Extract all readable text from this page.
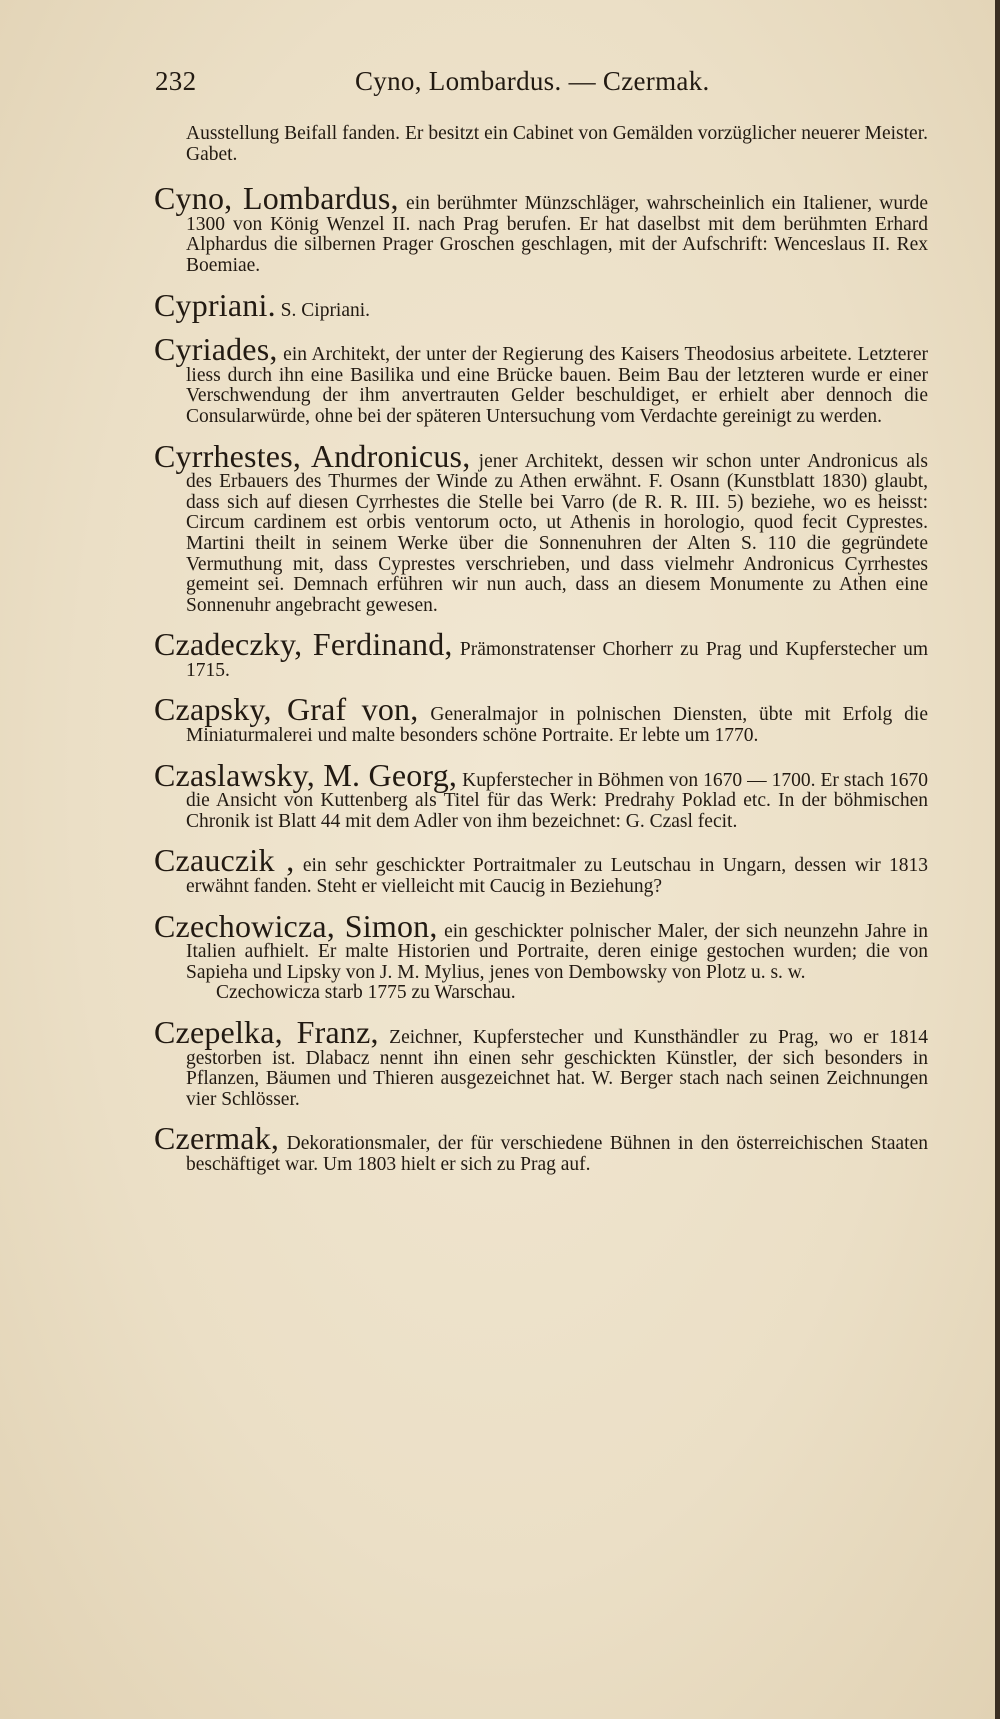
232	Cyno, Lombardus. — Czermak.

Ausstellung Beifall fanden. Er besitzt ein Cabinet von Gemälden vorzüglicher neuerer Meister. Gabet.

Cyno, Lombardus, ein berühmter Münzschläger, wahrscheinlich ein Italiener, wurde 1300 von König Wenzel II. nach Prag berufen. Er hat daselbst mit dem berühmten Erhard Alphardus die silbernen Prager Groschen geschlagen, mit der Aufschrift: Wenceslaus II. Rex Boemiae.

Cypriani. S. Cipriani.

Cyriades, ein Architekt, der unter der Regierung des Kaisers Theodosius arbeitete. Letzterer liess durch ihn eine Basilika und eine Brücke bauen. Beim Bau der letzteren wurde er einer Verschwendung der ihm anvertrauten Gelder beschuldiget, er erhielt aber dennoch die Consularwürde, ohne bei der späteren Untersuchung vom Verdachte gereinigt zu werden.

Cyrrhestes, Andronicus, jener Architekt, dessen wir schon unter Andronicus als des Erbauers des Thurmes der Winde zu Athen erwähnt. F. Osann (Kunstblatt 1830) glaubt, dass sich auf diesen Cyrrhestes die Stelle bei Varro (de R. R. III. 5) beziehe, wo es heisst: Circum cardinem est orbis ventorum octo, ut Athenis in horologio, quod fecit Cyprestes. Martini theilt in seinem Werke über die Sonnenuhren der Alten S. 110 die gegründete Vermuthung mit, dass Cyprestes verschrieben, und dass vielmehr Andronicus Cyrrhestes gemeint sei. Demnach erführen wir nun auch, dass an diesem Monumente zu Athen eine Sonnenuhr angebracht gewesen.

Czadeczky, Ferdinand, Prämonstratenser Chorherr zu Prag und Kupferstecher um 1715.

Czapsky, Graf von, Generalmajor in polnischen Diensten, übte mit Erfolg die Miniaturmalerei und malte besonders schöne Portraite. Er lebte um 1770.

Czaslawsky, M. Georg, Kupferstecher in Böhmen von 1670 — 1700. Er stach 1670 die Ansicht von Kuttenberg als Titel für das Werk: Predrahy Poklad etc. In der böhmischen Chronik ist Blatt 44 mit dem Adler von ihm bezeichnet: G. Czasl fecit.

Czauczik , ein sehr geschickter Portraitmaler zu Leutschau in Ungarn, dessen wir 1813 erwähnt fanden. Steht er vielleicht mit Caucig in Beziehung?

Czechowicza, Simon, ein geschickter polnischer Maler, der sich neunzehn Jahre in Italien aufhielt. Er malte Historien und Portraite, deren einige gestochen wurden; die von Sapieha und Lipsky von J. M. Mylius, jenes von Dembowsky von Plotz u. s. w.

Czechowicza starb 1775 zu Warschau.

Czepelka, Franz, Zeichner, Kupferstecher und Kunsthändler zu Prag, wo er 1814 gestorben ist. Dlabacz nennt ihn einen sehr geschickten Künstler, der sich besonders in Pflanzen, Bäumen und Thieren ausgezeichnet hat. W. Berger stach nach seinen Zeichnungen vier Schlösser.

Czermak, Dekorationsmaler, der für verschiedene Bühnen in den österreichischen Staaten beschäftiget war. Um 1803 hielt er sich zu Prag auf.
